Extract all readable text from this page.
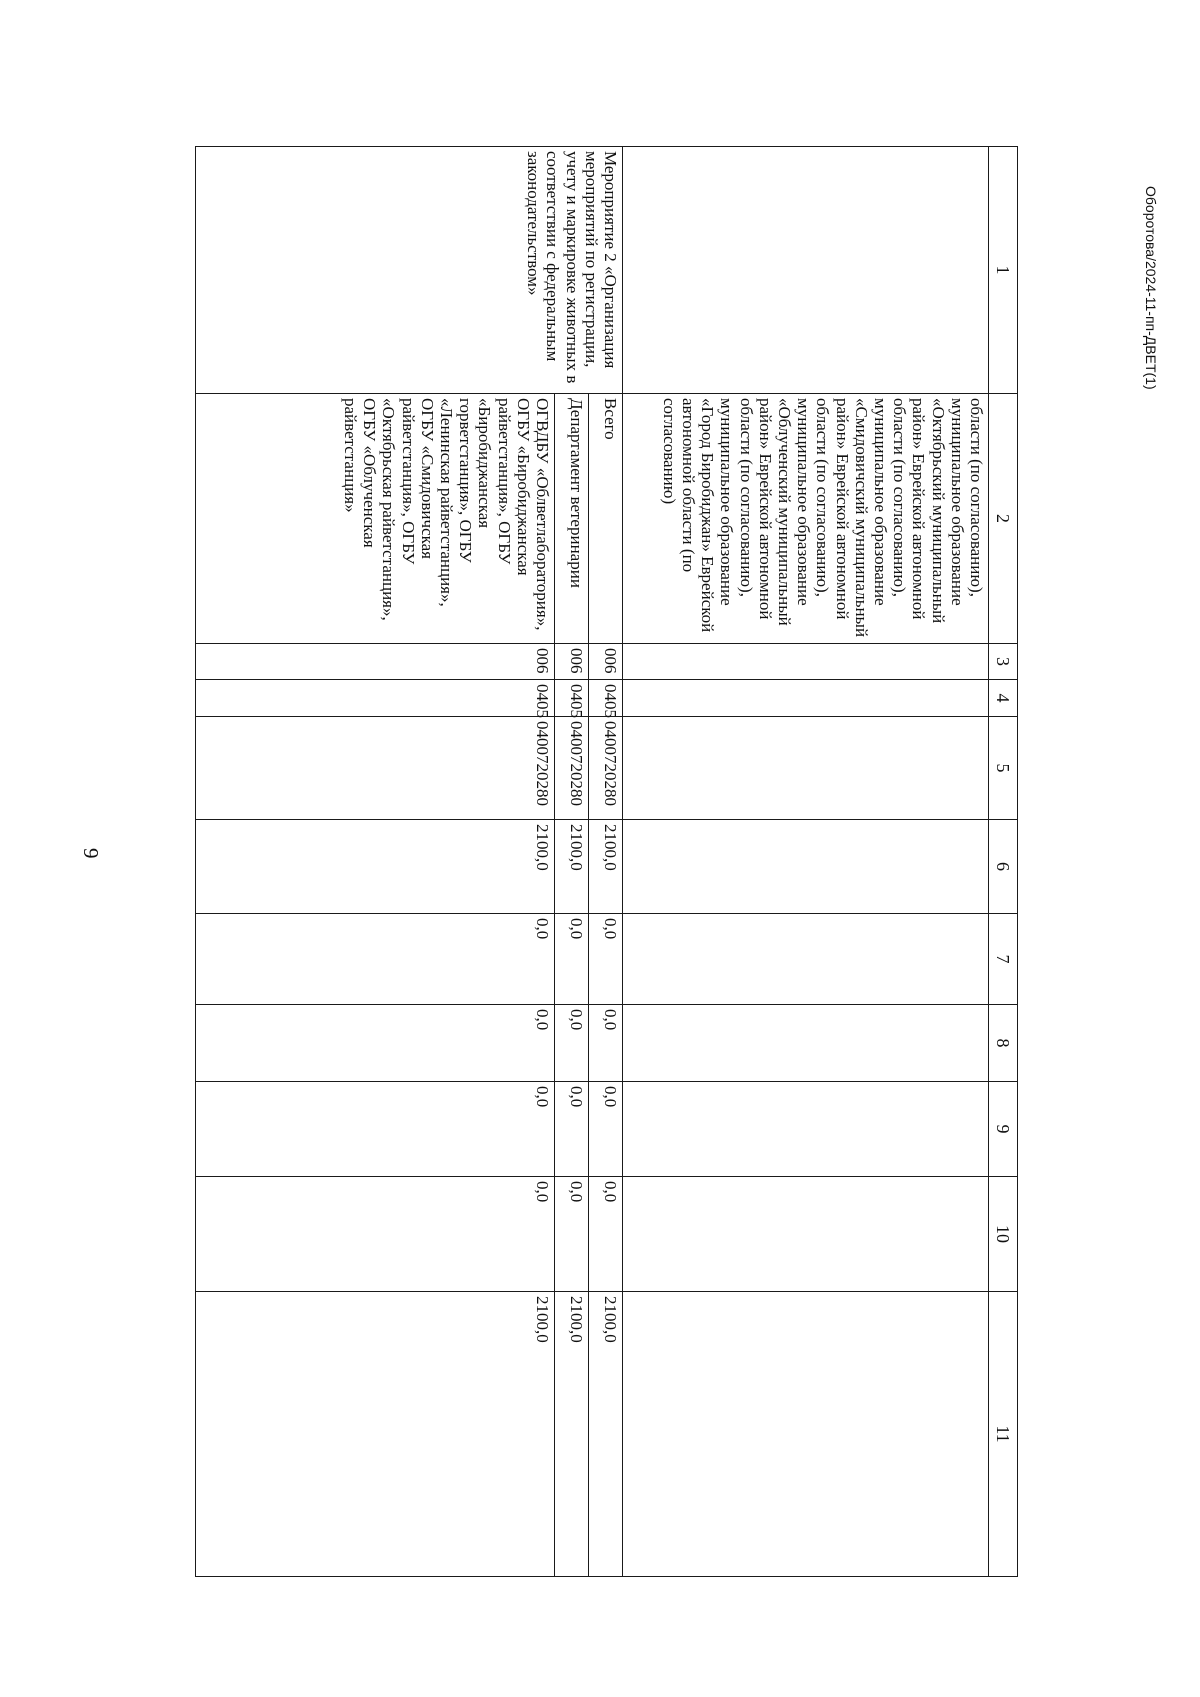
9
1	2	3	4	5	6	7	8	9	10	11
	области (по согласованию), муниципальное образование «Октябрьский муниципальный район» Еврейской автономной области (по согласованию), муниципальное образование «Смидовичский муниципальный район» Еврейской автономной области (по согласованию), муниципальное образование «Облученский муниципальный район» Еврейской автономной области (по согласованию), муниципальное образование «Город Биробиджан» Еврейской автономной области (по согласованию)									
Мероприятие 2 «Организация мероприятий по регистрации, учету и маркировке животных в соответствии с федеральным законодательством»	Всего	006	0405	0400720280	2100,0	0,0	0,0	0,0	0,0	2100,0
	Департамент ветеринарии	006	0405	0400720280	2100,0	0,0	0,0	0,0	0,0	2100,0
	ОГВДБУ «Облветлаборатория», ОГБУ «Биробиджанская райветстанция», ОГБУ «Биробиджанская горветстанция», ОГБУ «Ленинская райветстанция», ОГБУ «Смидовичская райветстанция», ОГБУ «Октябрьская райветстанция», ОГБУ «Облученская райветстанция»	006	0405	0400720280	2100,0	0,0	0,0	0,0	0,0	2100,0
Оборотова/2024-11-пп-ДВЕТ(1)
